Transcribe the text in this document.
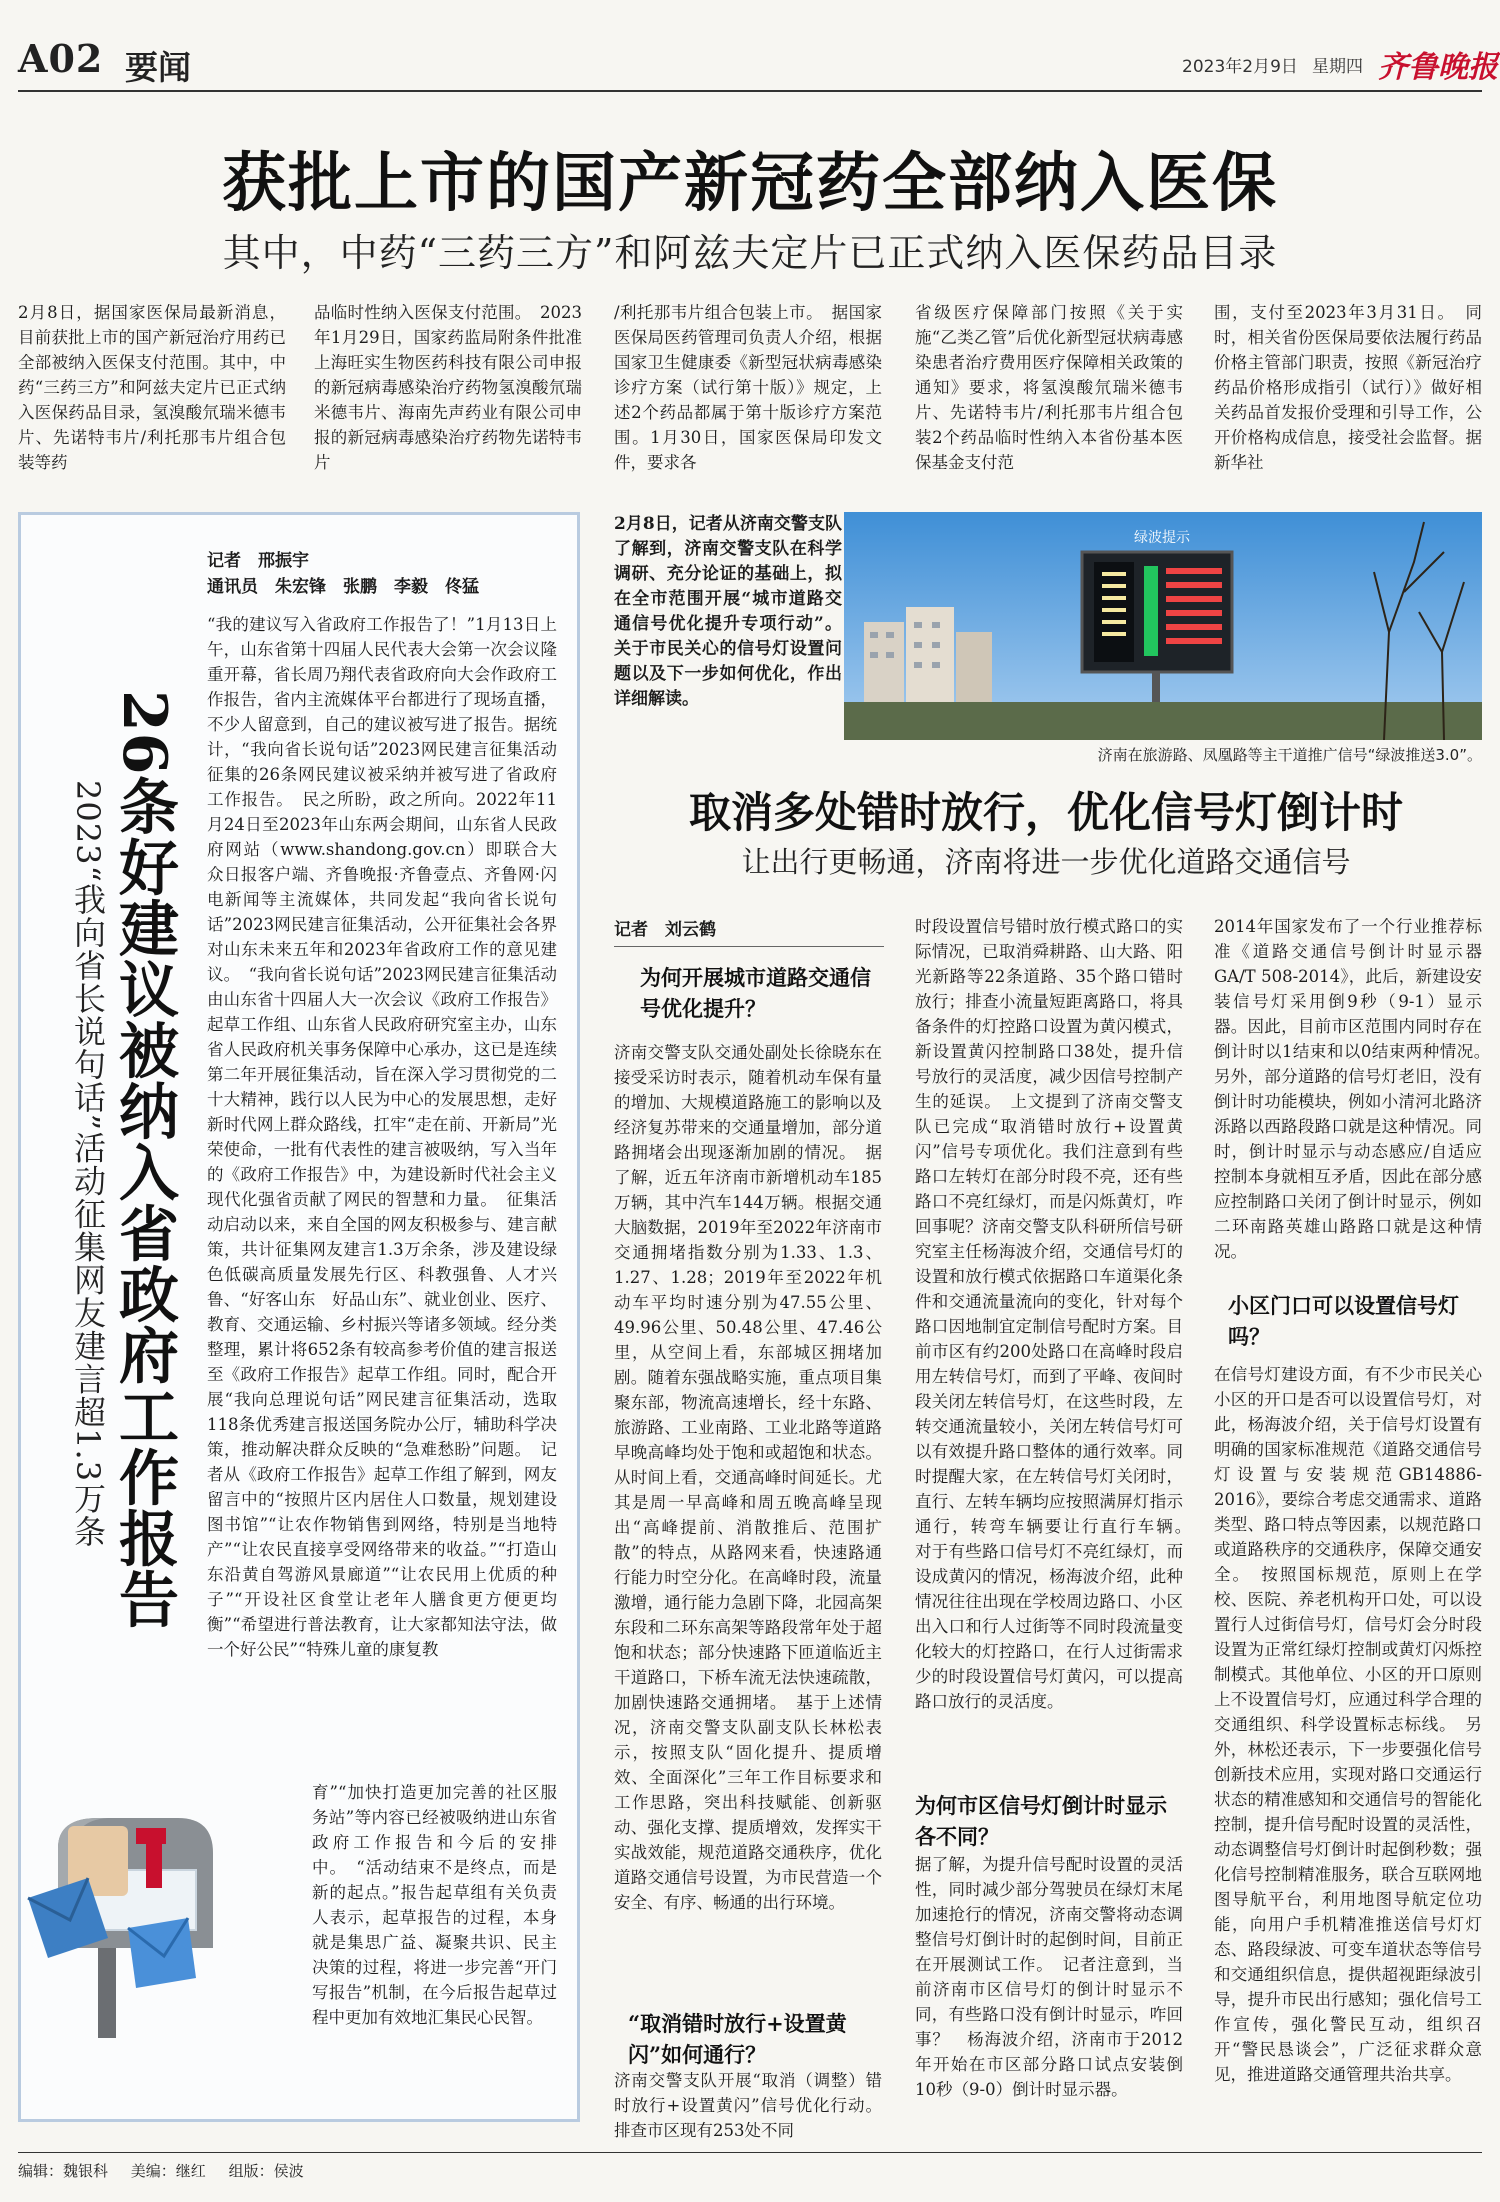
A02 要闻	2023年2月9日 星期四 齐鲁晚报
获批上市的国产新冠药全部纳入医保
其中，中药“三药三方”和阿兹夫定片已正式纳入医保药品目录
2月8日，据国家医保局最新消息，目前获批上市的国产新冠治疗用药已全部被纳入医保支付范围。其中，中药“三药三方”和阿兹夫定片已正式纳入医保药品目录，氢溴酸氘瑞米德韦片、先诺特韦片/利托那韦片组合包装等药
品临时性纳入医保支付范围。　2023年1月29日，国家药监局附条件批准上海旺实生物医药科技有限公司申报的新冠病毒感染治疗药物氢溴酸氘瑞米德韦片、海南先声药业有限公司申报的新冠病毒感染治疗药物先诺特韦片
/利托那韦片组合包装上市。　据国家医保局医药管理司负责人介绍，根据国家卫生健康委《新型冠状病毒感染诊疗方案（试行第十版）》规定，上述2个药品都属于第十版诊疗方案范围。1月30日，国家医保局印发文件，要求各
省级医疗保障部门按照《关于实施“乙类乙管”后优化新型冠状病毒感染患者治疗费用医疗保障相关政策的通知》要求，将氢溴酸氘瑞米德韦片、先诺特韦片/利托那韦片组合包装2个药品临时性纳入本省份基本医保基金支付范
围，支付至2023年3月31日。　同时，相关省份医保局要依法履行药品价格主管部门职责，按照《新冠治疗药品价格形成指引（试行）》做好相关药品首发报价受理和引导工作，公开价格构成信息，接受社会监督。据新华社
记者　邢振宇
通讯员　朱宏锋　张鹏　李毅　佟猛
26条好建议被纳入省政府工作报告
2023“我向省长说句话”活动征集网友建言超1.3万条
“我的建议写入省政府工作报告了！”1月13日上午，山东省第十四届人民代表大会第一次会议隆重开幕，省长周乃翔代表省政府向大会作政府工作报告，省内主流媒体平台都进行了现场直播，不少人留意到，自己的建议被写进了报告。据统计，“我向省长说句话”2023网民建言征集活动征集的26条网民建议被采纳并被写进了省政府工作报告。　民之所盼，政之所向。2022年11月24日至2023年山东两会期间，山东省人民政府网站（www.shandong.gov.cn）即联合大众日报客户端、齐鲁晚报·齐鲁壹点、齐鲁网·闪电新闻等主流媒体，共同发起“我向省长说句话”2023网民建言征集活动，公开征集社会各界对山东未来五年和2023年省政府工作的意见建议。　“我向省长说句话”2023网民建言征集活动由山东省十四届人大一次会议《政府工作报告》起草工作组、山东省人民政府研究室主办，山东省人民政府机关事务保障中心承办，这已是连续第二年开展征集活动，旨在深入学习贯彻党的二十大精神，践行以人民为中心的发展思想，走好新时代网上群众路线，扛牢“走在前、开新局”光荣使命，一批有代表性的建言被吸纳，写入当年的《政府工作报告》中，为建设新时代社会主义现代化强省贡献了网民的智慧和力量。　征集活动启动以来，来自全国的网友积极参与、建言献策，共计征集网友建言1.3万余条，涉及建设绿色低碳高质量发展先行区、科教强鲁、人才兴鲁、“好客山东　好品山东”、就业创业、医疗、教育、交通运输、乡村振兴等诸多领域。经分类整理，累计将652条有较高参考价值的建言报送至《政府工作报告》起草工作组。同时，配合开展“我向总理说句话”网民建言征集活动，选取118条优秀建言报送国务院办公厅，辅助科学决策，推动解决群众反映的“急难愁盼”问题。　记者从《政府工作报告》起草工作组了解到，网友留言中的“按照片区内居住人口数量，规划建设图书馆”“让农作物销售到网络，特别是当地特产”“让农民直接享受网络带来的收益。”“打造山东沿黄自驾游风景廊道”“让农民用上优质的种子”“开设社区食堂让老年人膳食更方便更均衡”“希望进行普法教育，让大家都知法守法，做一个好公民”“特殊儿童的康复教
育”“加快打造更加完善的社区服务站”等内容已经被吸纳进山东省政府工作报告和今后的安排中。　“活动结束不是终点，而是新的起点。”报告起草组有关负责人表示，起草报告的过程，本身就是集思广益、凝聚共识、民主决策的过程，将进一步完善“开门写报告”机制，在今后报告起草过程中更加有效地汇集民心民智。
2月8日，记者从济南交警支队了解到，济南交警支队在科学调研、充分论证的基础上，拟在全市范围开展“城市道路交通信号优化提升专项行动”。关于市民关心的信号灯设置问题以及下一步如何优化，作出详细解读。
绿波提示
济南在旅游路、凤凰路等主干道推广信号“绿波推送3.0”。
取消多处错时放行，优化信号灯倒计时
让出行更畅通，济南将进一步优化道路交通信号
记者　刘云鹤
为何开展城市道路交通信号优化提升？
济南交警支队交通处副处长徐晓东在接受采访时表示，随着机动车保有量的增加、大规模道路施工的影响以及经济复苏带来的交通量增加，部分道路拥堵会出现逐渐加剧的情况。　据了解，近五年济南市新增机动车185万辆，其中汽车144万辆。根据交通大脑数据，2019年至2022年济南市交通拥堵指数分别为1.33、1.3、1.27、1.28；2019年至2022年机动车平均时速分别为47.55公里、49.96公里、50.48公里、47.46公里，从空间上看，东部城区拥堵加剧。随着东强战略实施，重点项目集聚东部，物流高速增长，经十东路、旅游路、工业南路、工业北路等道路早晚高峰均处于饱和或超饱和状态。从时间上看，交通高峰时间延长。尤其是周一早高峰和周五晚高峰呈现出“高峰提前、消散推后、范围扩散”的特点，从路网来看，快速路通行能力时空分化。在高峰时段，流量激增，通行能力急剧下降，北园高架东段和二环东高架等路段常年处于超饱和状态；部分快速路下匝道临近主干道路口，下桥车流无法快速疏散，加剧快速路交通拥堵。　基于上述情况，济南交警支队副支队长林松表示，按照支队“固化提升、提质增效、全面深化”三年工作目标要求和工作思路，突出科技赋能、创新驱动、强化支撑、提质增效，发挥实干实战效能，规范道路交通秩序，优化道路交通信号设置，为市民营造一个安全、有序、畅通的出行环境。
“取消错时放行+设置黄闪”如何通行？
济南交警支队开展“取消（调整）错时放行+设置黄闪”信号优化行动。排查市区现有253处不同
时段设置信号错时放行模式路口的实际情况，已取消舜耕路、山大路、阳光新路等22条道路、35个路口错时放行；排查小流量短距离路口，将具备条件的灯控路口设置为黄闪模式，新设置黄闪控制路口38处，提升信号放行的灵活度，减少因信号控制产生的延误。　上文提到了济南交警支队已完成“取消错时放行+设置黄闪”信号专项优化。我们注意到有些路口左转灯在部分时段不亮，还有些路口不亮红绿灯，而是闪烁黄灯，咋回事呢？济南交警支队科研所信号研究室主任杨海波介绍，交通信号灯的设置和放行模式依据路口车道渠化条件和交通流量流向的变化，针对每个路口因地制宜定制信号配时方案。目前市区有约200处路口在高峰时段启用左转信号灯，而到了平峰、夜间时段关闭左转信号灯，在这些时段，左转交通流量较小，关闭左转信号灯可以有效提升路口整体的通行效率。同时提醒大家，在左转信号灯关闭时，直行、左转车辆均应按照满屏灯指示通行，转弯车辆要让行直行车辆。　对于有些路口信号灯不亮红绿灯，而设成黄闪的情况，杨海波介绍，此种情况往往出现在学校周边路口、小区出入口和行人过街等不同时段流量变化较大的灯控路口，在行人过街需求少的时段设置信号灯黄闪，可以提高路口放行的灵活度。
为何市区信号灯倒计时显示各不同？
据了解，为提升信号配时设置的灵活性，同时减少部分驾驶员在绿灯末尾加速抢行的情况，济南交警将动态调整信号灯倒计时的起倒时间，目前正在开展测试工作。　记者注意到，当前济南市区信号灯的倒计时显示不同，有些路口没有倒计时显示，咋回事？　杨海波介绍，济南市于2012年开始在市区部分路口试点安装倒10秒（9-0）倒计时显示器。
2014年国家发布了一个行业推荐标准《道路交通信号倒计时显示器GA/T 508-2014》，此后，新建设安装信号灯采用倒9秒（9-1）显示器。因此，目前市区范围内同时存在倒计时以1结束和以0结束两种情况。　另外，部分道路的信号灯老旧，没有倒计时功能模块，例如小清河北路济泺路以西路段路口就是这种情况。同时，倒计时显示与动态感应/自适应控制本身就相互矛盾，因此在部分感应控制路口关闭了倒计时显示，例如二环南路英雄山路路口就是这种情况。
小区门口可以设置信号灯吗？
在信号灯建设方面，有不少市民关心小区的开口是否可以设置信号灯，对此，杨海波介绍，关于信号灯设置有明确的国家标准规范《道路交通信号灯设置与安装规范GB14886-2016》，要综合考虑交通需求、道路类型、路口特点等因素，以规范路口或道路秩序的交通秩序，保障交通安全。　按照国标规范，原则上在学校、医院、养老机构开口处，可以设置行人过街信号灯，信号灯会分时段设置为正常红绿灯控制或黄灯闪烁控制模式。其他单位、小区的开口原则上不设置信号灯，应通过科学合理的交通组织、科学设置标志标线。　另外，林松还表示，下一步要强化信号创新技术应用，实现对路口交通运行状态的精准感知和交通信号的智能化控制，提升信号配时设置的灵活性，动态调整信号灯倒计时起倒秒数；强化信号控制精准服务，联合互联网地图导航平台，利用地图导航定位功能，向用户手机精准推送信号灯灯态、路段绿波、可变车道状态等信号和交通组织信息，提供超视距绿波引导，提升市民出行感知；强化信号工作宣传，强化警民互动，组织召开“警民恳谈会”，广泛征求群众意见，推进道路交通管理共治共享。
编辑：魏银科 美编：继红 组版：侯波
